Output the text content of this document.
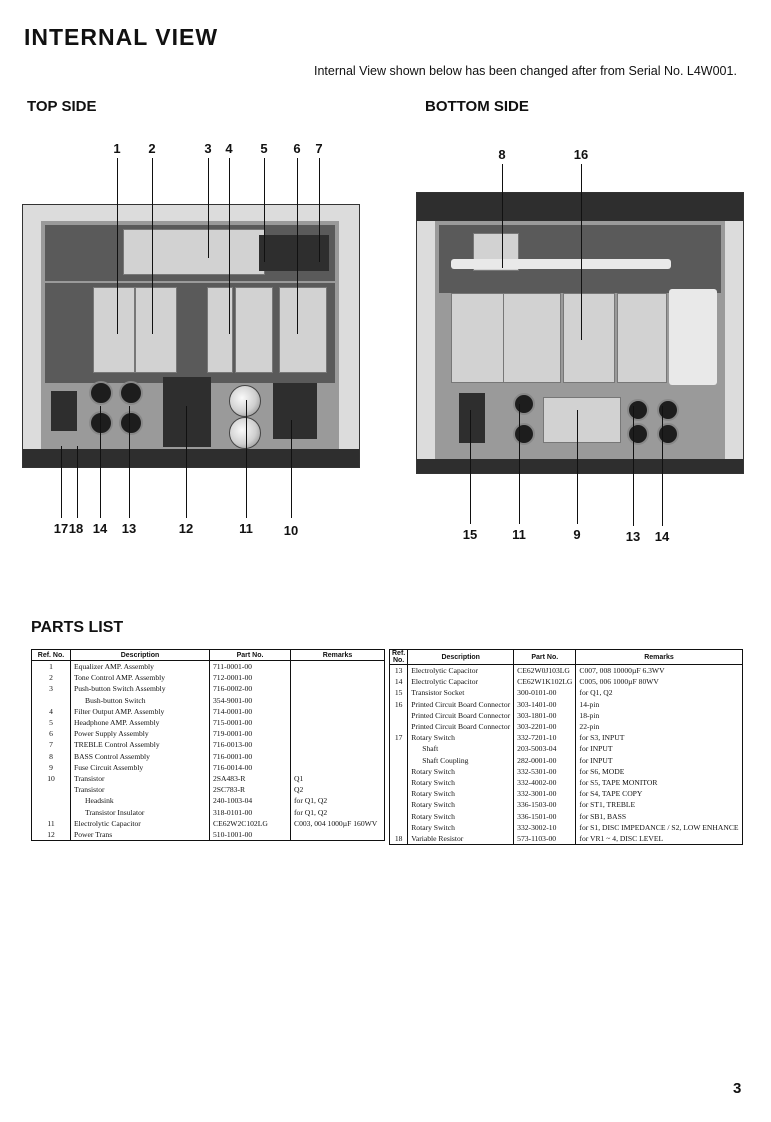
INTERNAL VIEW
Internal View shown below has been changed after from Serial No. L4W001.
TOP SIDE	BOTTOM SIDE
1	2	3	4	5	6	7
17 18 14	13	12	11	10
8	16
15	11	9	13	14
PARTS LIST
Ref. No.	Description	Part No.	Remarks
1	Equalizer AMP. Assembly	711-0001-00	
2	Tone Control AMP. Assembly	712-0001-00	
3	Push-button Switch Assembly	716-0002-00	
	Bush-button Switch	354-9001-00	
4	Filter Output AMP. Assembly	714-0001-00	
5	Headphone AMP. Assembly	715-0001-00	
6	Power Supply Assembly	719-0001-00	
7	TREBLE Control Assembly	716-0013-00	
8	BASS Control Assembly	716-0001-00	
9	Fuse Circuit Assembly	716-0014-00	
10	Transistor	2SA483-R	Q1
	Transistor	2SC783-R	Q2
	Headsink	240-1003-04	for Q1, Q2
	Transistor Insulator	318-0101-00	for Q1, Q2
11	Electrolytic Capacitor	CE62W2C102LG	C003, 004 1000µF 160WV
12	Power Trans	510-1001-00	
Ref. No.	Description	Part No.	Remarks
13	Electrolytic Capacitor	CE62W0J103LG	C007, 008 10000µF 6.3WV
14	Electrolytic Capacitor	CE62W1K102LG	C005, 006 1000µF 80WV
15	Transistor Socket	300-0101-00	for Q1, Q2
16	Printed Circuit Board Connector	303-1401-00	14-pin
	Printed Circuit Board Connector	303-1801-00	18-pin
	Printed Circuit Board Connector	303-2201-00	22-pin
17	Rotary Switch	332-7201-10	for S3, INPUT
	Shaft	203-5003-04	for INPUT
	Shaft Coupling	282-0001-00	for INPUT
	Rotary Switch	332-5301-00	for S6, MODE
	Rotary Switch	332-4002-00	for S5, TAPE MONITOR
	Rotary Switch	332-3001-00	for S4, TAPE COPY
	Rotary Switch	336-1503-00	for ST1, TREBLE
	Rotary Switch	336-1501-00	for SB1, BASS
	Rotary Switch	332-3002-10	for S1, DISC IMPEDANCE / S2, LOW ENHANCE
18	Variable Resistor	573-1103-00	for VR1 ~ 4, DISC LEVEL
3
